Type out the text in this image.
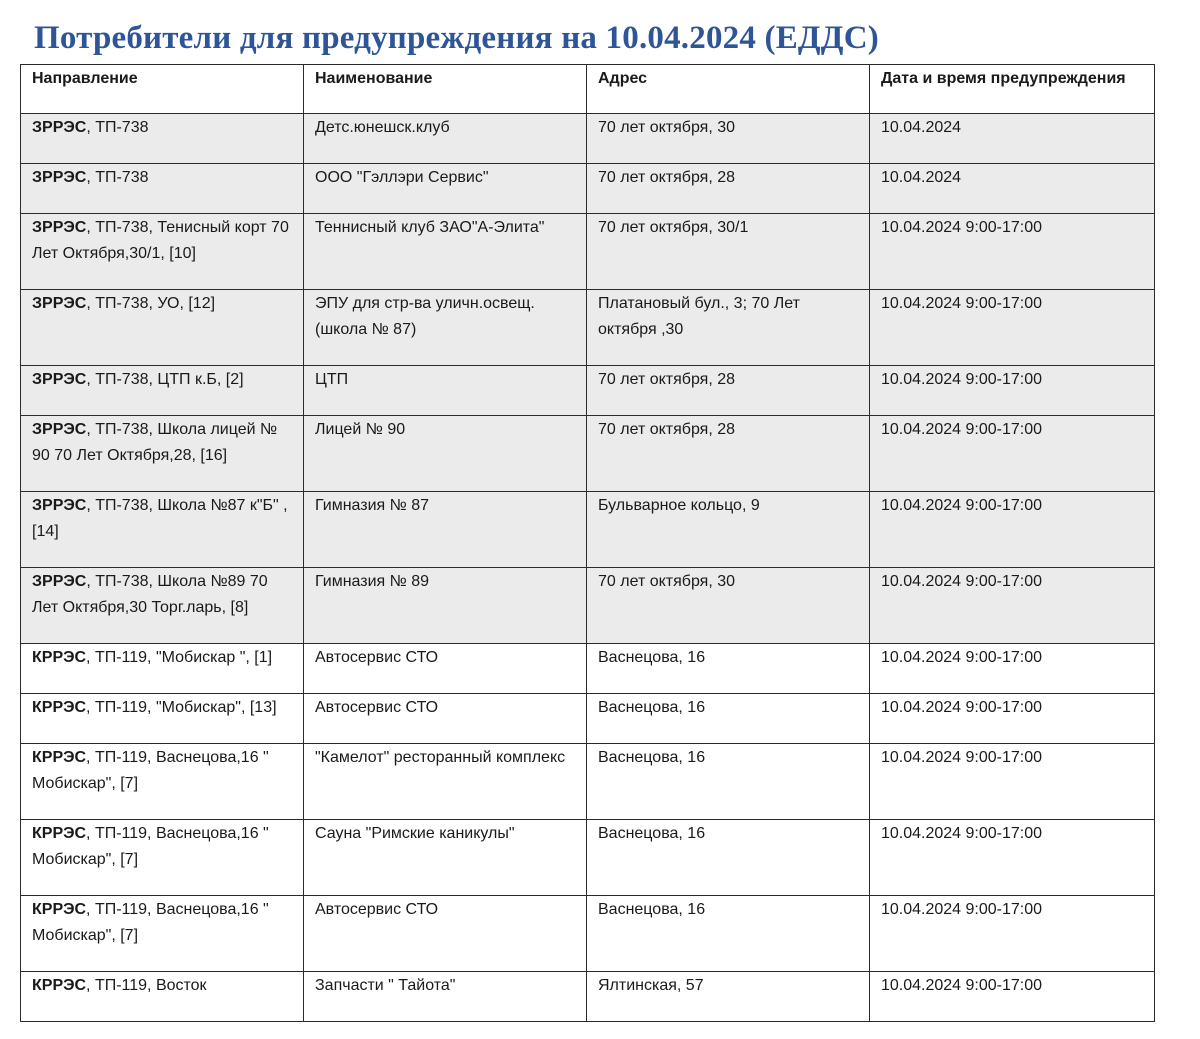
Потребители для предупреждения на 10.04.2024 (ЕДДС)
Направление	Наименование	Адрес	Дата и время предупреждения
ЗРРЭС, ТП-738	Детс.юнешск.клуб	70 лет октября, 30	10.04.2024
ЗРРЭС, ТП-738	ООО "Гэллэри Сервис"	70 лет октября, 28	10.04.2024
ЗРРЭС, ТП-738, Тенисный корт 70 Лет Октября,30/1, [10]	Теннисный клуб ЗАО"А-Элита"	70 лет октября, 30/1	10.04.2024 9:00-17:00
ЗРРЭС, ТП-738, УО, [12]	ЭПУ для стр-ва уличн.освещ. (школа № 87)	Платановый бул., 3; 70 Лет октября ,30	10.04.2024 9:00-17:00
ЗРРЭС, ТП-738, ЦТП к.Б, [2]	ЦТП	70 лет октября, 28	10.04.2024 9:00-17:00
ЗРРЭС, ТП-738, Школа лицей № 90 70 Лет Октября,28, [16]	Лицей № 90	70 лет октября, 28	10.04.2024 9:00-17:00
ЗРРЭС, ТП-738, Школа №87 к"Б" , [14]	Гимназия № 87	Бульварное кольцо, 9	10.04.2024 9:00-17:00
ЗРРЭС, ТП-738, Школа №89 70 Лет Октября,30 Торг.ларь, [8]	Гимназия № 89	70 лет октября, 30	10.04.2024 9:00-17:00
КРРЭС, ТП-119, "Мобискар ", [1]	Автосервис СТО	Васнецова, 16	10.04.2024 9:00-17:00
КРРЭС, ТП-119, "Мобискар", [13]	Автосервис СТО	Васнецова, 16	10.04.2024 9:00-17:00
КРРЭС, ТП-119, Васнецова,16 " Мобискар", [7]	"Камелот" ресторанный комплекс	Васнецова, 16	10.04.2024 9:00-17:00
КРРЭС, ТП-119, Васнецова,16 " Мобискар", [7]	Сауна "Римские каникулы"	Васнецова, 16	10.04.2024 9:00-17:00
КРРЭС, ТП-119, Васнецова,16 " Мобискар", [7]	Автосервис СТО	Васнецова, 16	10.04.2024 9:00-17:00
КРРЭС, ТП-119, Восток	Запчасти " Тайота"	Ялтинская, 57	10.04.2024 9:00-17:00
